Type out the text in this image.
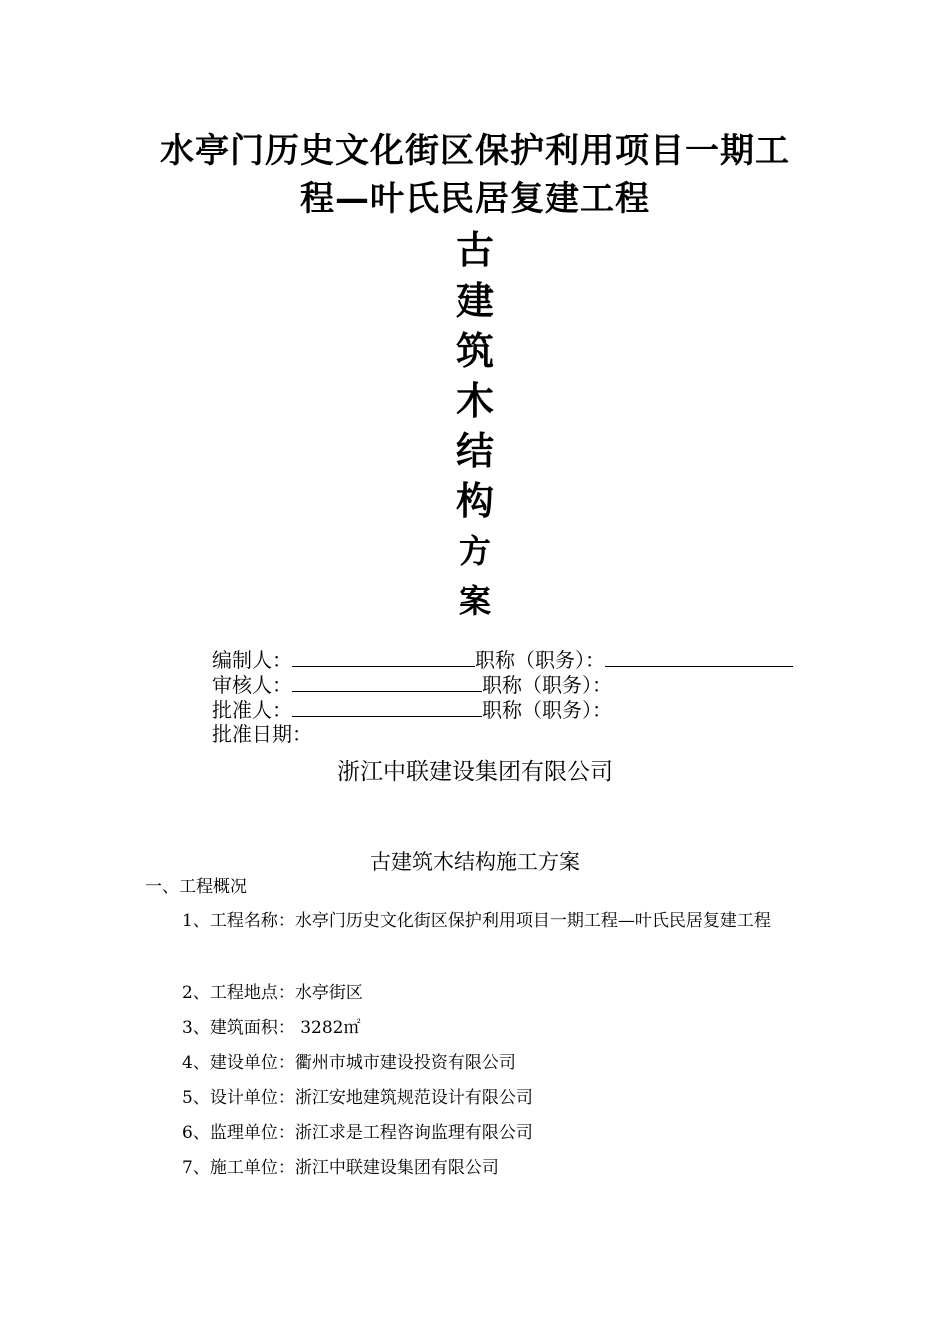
水亭门历史文化街区保护利用项目一期工
程—叶氏民居复建工程
古
建
筑
木
结
构
方
案
编制人：	职称（职务）：
审核人：	职称（职务）：
批准人：	职称（职务）：
批准日期：
浙江中联建设集团有限公司
古建筑木结构施工方案
一、工程概况
1、工程名称：水亭门历史文化街区保护利用项目一期工程—叶氏民居复建工程
2、工程地点：水亭街区
3、建筑面积： 3282㎡
4、建设单位：衢州市城市建设投资有限公司
5、设计单位：浙江安地建筑规范设计有限公司
6、监理单位：浙江求是工程咨询监理有限公司
7、施工单位：浙江中联建设集团有限公司
